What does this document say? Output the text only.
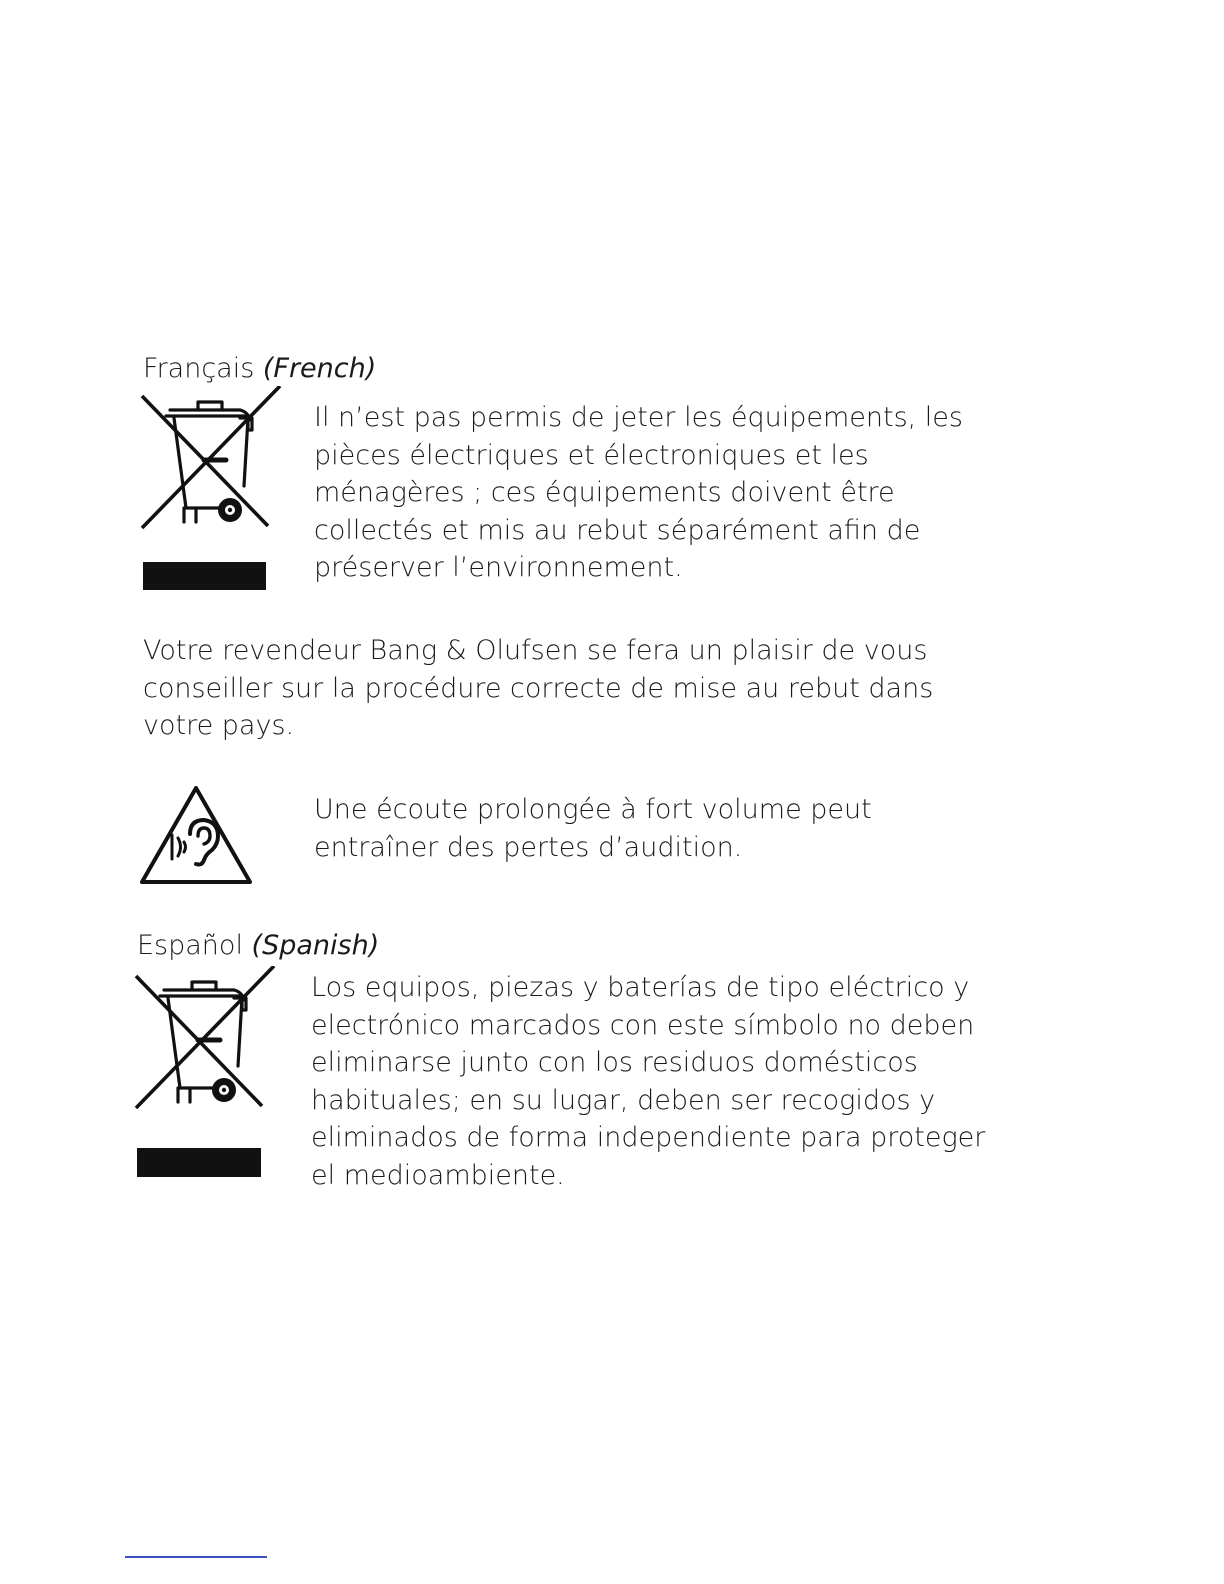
Français (French)

Il n’est pas permis de jeter les équipements, les
pièces électriques et électroniques et les
ménagères ; ces équipements doivent être
collectés et mis au rebut séparément afin de
préserver l’environnement.

Votre revendeur Bang & Olufsen se fera un plaisir de vous
conseiller sur la procédure correcte de mise au rebut dans
votre pays.

Une écoute prolongée à fort volume peut
entraîner des pertes d’audition.

Español (Spanish)

Los equipos, piezas y baterías de tipo eléctrico y
electrónico marcados con este símbolo no deben
eliminarse junto con los residuos domésticos
habituales; en su lugar, deben ser recogidos y
eliminados de forma independiente para proteger
el medioambiente.
